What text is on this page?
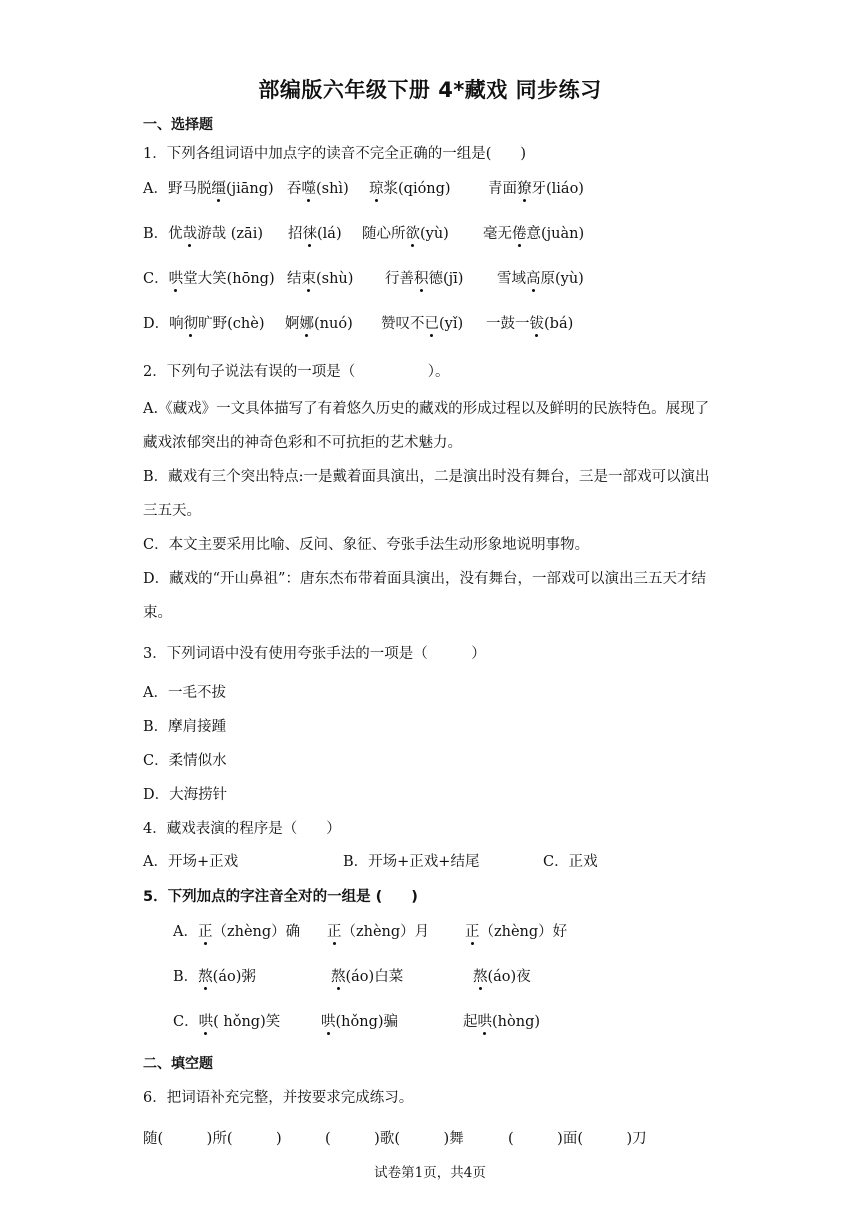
部编版六年级下册 4*藏戏 同步练习
一、选择题
1．下列各组词语中加点字的读音不完全正确的一组是(　　)
A．野马脱缰(jiāng) 吞噬(shì) 琼浆(qióng)	青面獠牙(liáo)
B．优哉游哉 (zāi) 招徕(lá) 随心所欲(yù) 毫无倦意(juàn)
C．哄堂大笑(hōng) 结束(shù) 行善积德(jī) 雪域高原(yù)
D．响彻旷野(chè) 婀娜(nuó) 赞叹不已(yǐ) 一鼓一钹(bá)
2．下列句子说法有误的一项是（　　　　　）。
A.《藏戏》一文具体描写了有着悠久历史的藏戏的形成过程以及鲜明的民族特色。展现了藏戏浓郁突出的神奇色彩和不可抗拒的艺术魅力。
B．藏戏有三个突出特点:一是戴着面具演出，二是演出时没有舞台，三是一部戏可以演出三五天。
C．本文主要采用比喻、反问、象征、夸张手法生动形象地说明事物。
D．藏戏的“开山鼻祖”：唐东杰布带着面具演出，没有舞台，一部戏可以演出三五天才结束。
3．下列词语中没有使用夸张手法的一项是（　　　）
A．一毛不拔
B．摩肩接踵
C．柔情似水
D．大海捞针
4．藏戏表演的程序是（　　）
A．开场+正戏	B．开场+正戏+结尾	C．正戏
5．下列加点的字注音全对的一组是 (　　)
A．正（zhèng）确 正（zhèng）月 正（zhèng）好
B．熬(áo)粥	熬(áo)白菜	熬(áo)夜
C．哄( hǒng)笑	哄(hǒng)骗	起哄(hòng)
二、填空题
6．把词语补充完整，并按要求完成练习。
随(　　　)所(　　　)	(　　　)歌(　　　)舞	(　　　)面(　　　)刀
试卷第1页，共4页
